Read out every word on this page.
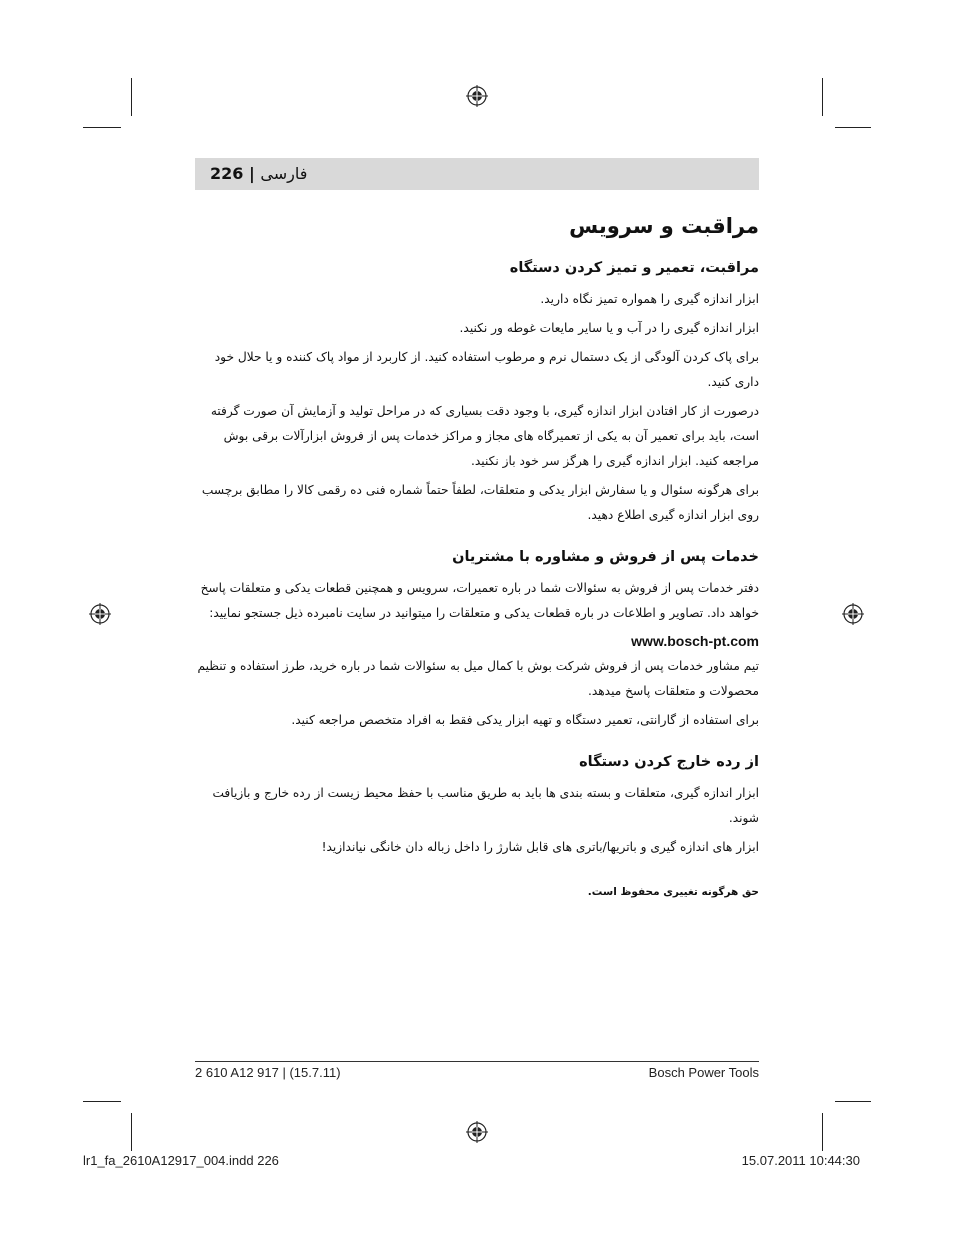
226 | فارسی
مراقبت و سرویس
مراقبت، تعمیر و تمیز کردن دستگاه

ابزار اندازه گیری را همواره تمیز نگاه دارید.

ابزار اندازه گیری را در آب و یا سایر مایعات غوطه ور نکنید.

برای پاک کردن آلودگی از یک دستمال نرم و مرطوب استفاده کنید. از کاربرد از مواد پاک کننده و یا حلال خود داری کنید.

درصورت از کار افتادن ابزار اندازه گیری، با وجود دقت بسیاری که در مراحل تولید و آزمایش آن صورت گرفته است، باید برای تعمیر آن به یکی از تعمیرگاه های مجاز و مراکز خدمات پس از فروش ابزارآلات برقی بوش مراجعه کنید. ابزار اندازه گیری را هرگز سر خود باز نکنید.

برای هرگونه سئوال و یا سفارش ابزار یدکی و متعلقات، لطفاً حتماً شماره فنی ده رقمی کالا را مطابق برچسب روی ابزار اندازه گیری اطلاع دهید.

خدمات پس از فروش و مشاوره با مشتریان

دفتر خدمات پس از فروش به سئوالات شما در باره تعمیرات، سرویس و همچنین قطعات یدکی و متعلقات پاسخ خواهد داد. تصاویر و اطلاعات در باره قطعات یدکی و متعلقات را میتوانید در سایت نامبرده ذیل جستجو نمایید:

www.bosch-pt.com

تیم مشاور خدمات پس از فروش شرکت بوش با کمال میل به سئوالات شما در باره خرید، طرز استفاده و تنظیم محصولات و متعلقات پاسخ میدهد.

برای استفاده از گارانتی، تعمیر دستگاه و تهیه ابزار یدکی فقط به افراد متخصص مراجعه کنید.

از رده خارج کردن دستگاه

ابزار اندازه گیری، متعلقات و بسته بندی ها باید به طریق مناسب با حفظ محیط زیست از رده خارج و بازیافت شوند.

ابزار های اندازه گیری و باتریها/باتری های قابل شارژ را داخل زباله دان خانگی نیاندازید!

حق هرگونه تغییری محفوظ است.

2 610 A12 917 | (15.7.11)	Bosch Power Tools
lr1_fa_2610A12917_004.indd 226	15.07.2011 10:44:30
